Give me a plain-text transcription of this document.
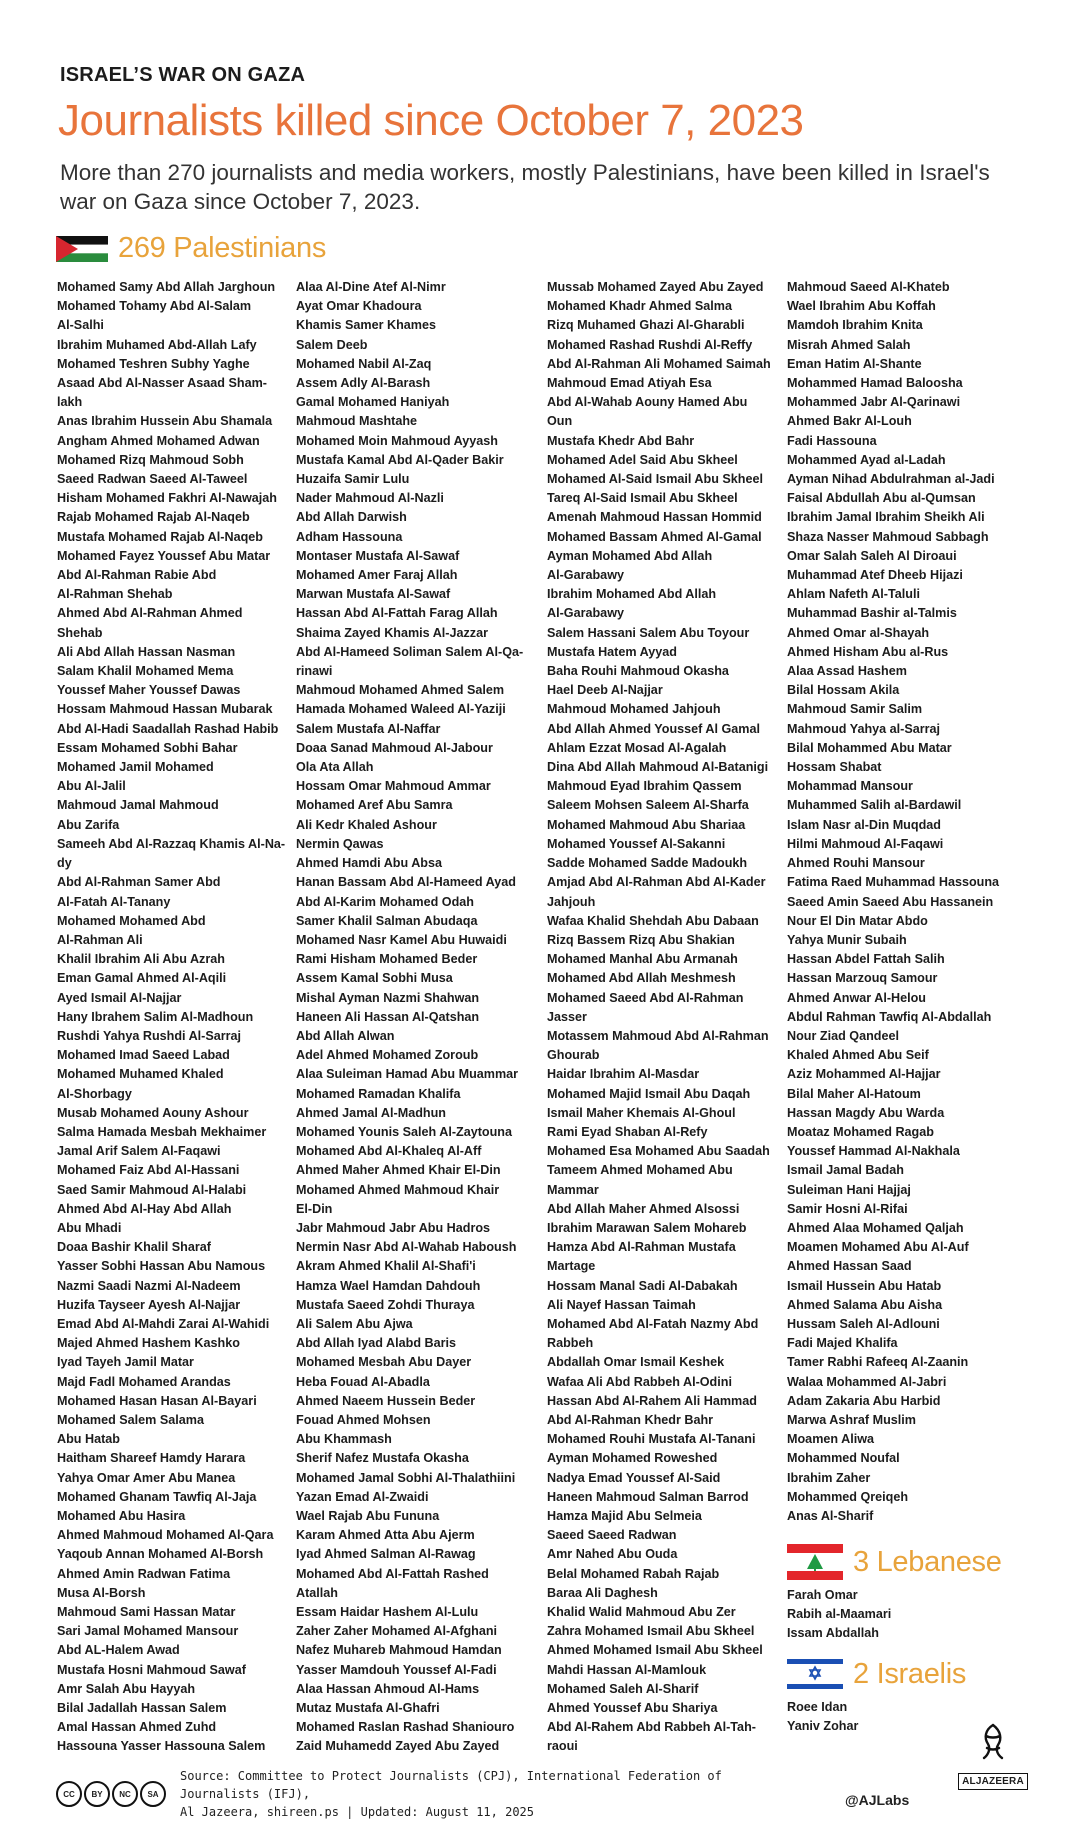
ISRAEL’S WAR ON GAZA
Journalists killed since October 7, 2023
More than 270 journalists and media workers, mostly Palestinians, have been killed in Israel's war on Gaza since October 7, 2023.
269 Palestinians
Mohamed Samy Abd Allah Jarghoun
Mohamed Tohamy Abd Al-Salam
Al-Salhi
Ibrahim Muhamed Abd-Allah Lafy
Mohamed Teshren Subhy Yaghe
Asaad Abd Al-Nasser Asaad Sham-
lakh
Anas Ibrahim Hussein Abu Shamala
Angham Ahmed Mohamed Adwan
Mohamed Rizq Mahmoud Sobh
Saeed Radwan Saeed Al-Taweel
Hisham Mohamed Fakhri Al-Nawajah
Rajab Mohamed Rajab Al-Naqeb
Mustafa Mohamed Rajab Al-Naqeb
Mohamed Fayez Youssef Abu Matar
Abd Al-Rahman Rabie Abd
Al-Rahman Shehab
Ahmed Abd Al-Rahman Ahmed
Shehab
Ali Abd Allah Hassan Nasman
Salam Khalil Mohamed Mema
Youssef Maher Youssef Dawas
Hossam Mahmoud Hassan Mubarak
Abd Al-Hadi Saadallah Rashad Habib
Essam Mohamed Sobhi Bahar
Mohamed Jamil Mohamed
Abu Al-Jalil
Mahmoud Jamal Mahmoud
Abu Zarifa
Sameeh Abd Al-Razzaq Khamis Al-Na-
dy
Abd Al-Rahman Samer Abd
Al-Fatah Al-Tanany
Mohamed Mohamed Abd
Al-Rahman Ali
Khalil Ibrahim Ali Abu Azrah
Eman Gamal Ahmed Al-Aqili
Ayed Ismail Al-Najjar
Hany Ibrahem Salim Al-Madhoun
Rushdi Yahya Rushdi Al-Sarraj
Mohamed Imad Saeed Labad
Mohamed Muhamed Khaled
Al-Shorbagy
Musab Mohamed Aouny Ashour
Salma Hamada Mesbah Mekhaimer
Jamal Arif Salem Al-Faqawi
Mohamed Faiz Abd Al-Hassani
Saed Samir Mahmoud Al-Halabi
Ahmed Abd Al-Hay Abd Allah
Abu Mhadi
Doaa Bashir Khalil Sharaf
Yasser Sobhi Hassan Abu Namous
Nazmi Saadi Nazmi Al-Nadeem
Huzifa Tayseer Ayesh Al-Najjar
Emad Abd Al-Mahdi Zarai Al-Wahidi
Majed Ahmed Hashem Kashko
Iyad Tayeh Jamil Matar
Majd Fadl Mohamed Arandas
Mohamed Hasan Hasan Al-Bayari
Mohamed Salem Salama
Abu Hatab
Haitham Shareef Hamdy Harara
Yahya Omar Amer Abu Manea
Mohamed Ghanam Tawfiq Al-Jaja
Mohamed Abu Hasira
Ahmed Mahmoud Mohamed Al-Qara
Yaqoub Annan Mohamed Al-Borsh
Ahmed Amin Radwan Fatima
Musa Al-Borsh
Mahmoud Sami Hassan Matar
Sari Jamal Mohamed Mansour
Abd AL-Halem Awad
Mustafa Hosni Mahmoud Sawaf
Amr Salah Abu Hayyah
Bilal Jadallah Hassan Salem
Amal Hassan Ahmed Zuhd
Hassouna Yasser Hassouna Salem
Alaa Al-Dine Atef Al-Nimr
Ayat Omar Khadoura
Khamis Samer Khames
Salem Deeb
Mohamed Nabil Al-Zaq
Assem Adly Al-Barash
Gamal Mohamed Haniyah
Mahmoud Mashtahe
Mohamed Moin Mahmoud Ayyash
Mustafa Kamal Abd Al-Qader Bakir
Huzaifa Samir Lulu
Nader Mahmoud Al-Nazli
Abd Allah Darwish
Adham Hassouna
Montaser Mustafa Al-Sawaf
Mohamed Amer Faraj Allah
Marwan Mustafa Al-Sawaf
Hassan Abd Al-Fattah Farag Allah
Shaima Zayed Khamis Al-Jazzar
Abd Al-Hameed Soliman Salem Al-Qa-
rinawi
Mahmoud Mohamed Ahmed Salem
Hamada Mohamed Waleed Al-Yaziji
Salem Mustafa Al-Naffar
Doaa Sanad Mahmoud Al-Jabour
Ola Ata Allah
Hossam Omar Mahmoud Ammar
Mohamed Aref Abu Samra
Ali Kedr Khaled Ashour
Nermin Qawas
Ahmed Hamdi Abu Absa
Hanan Bassam Abd Al-Hameed Ayad
Abd Al-Karim Mohamed Odah
Samer Khalil Salman Abudaqa
Mohamed Nasr Kamel Abu Huwaidi
Rami Hisham Mohamed Beder
Assem Kamal Sobhi Musa
Mishal Ayman Nazmi Shahwan
Haneen Ali Hassan Al-Qatshan
Abd Allah Alwan
Adel Ahmed Mohamed Zoroub
Alaa Suleiman Hamad Abu Muammar
Mohamed Ramadan Khalifa
Ahmed Jamal Al-Madhun
Mohamed Younis Saleh Al-Zaytouna
Mohamed Abd Al-Khaleq Al-Aff
Ahmed Maher Ahmed Khair El-Din
Mohamed Ahmed Mahmoud Khair
El-Din
Jabr Mahmoud Jabr Abu Hadros
Nermin Nasr Abd Al-Wahab Haboush
Akram Ahmed Khalil Al-Shafi'i
Hamza Wael Hamdan Dahdouh
Mustafa Saeed Zohdi Thuraya
Ali Salem Abu Ajwa
Abd Allah Iyad Alabd Baris
Mohamed Mesbah Abu Dayer
Heba Fouad Al-Abadla
Ahmed Naeem Hussein Beder
Fouad Ahmed Mohsen
Abu Khammash
Sherif Nafez Mustafa Okasha
Mohamed Jamal Sobhi Al-Thalathiini
Yazan Emad Al-Zwaidi
Wael Rajab Abu Fununa
Karam Ahmed Atta Abu Ajerm
Iyad Ahmed Salman Al-Rawag
Mohamed Abd Al-Fattah Rashed
Atallah
Essam Haidar Hashem Al-Lulu
Zaher Zaher Mohamed Al-Afghani
Nafez Muhareb Mahmoud Hamdan
Yasser Mamdouh Youssef Al-Fadi
Alaa Hassan Ahmoud Al-Hams
Mutaz Mustafa Al-Ghafri
Mohamed Raslan Rashad Shaniouro
Zaid Muhamedd Zayed Abu Zayed
Mussab Mohamed Zayed Abu Zayed
Mohamed Khadr Ahmed Salma
Rizq Muhamed Ghazi Al-Gharabli
Mohamed Rashad Rushdi Al-Reffy
Abd Al-Rahman Ali Mohamed Saimah
Mahmoud Emad Atiyah Esa
Abd Al-Wahab Aouny Hamed Abu
Oun
Mustafa Khedr Abd Bahr
Mohamed Adel Said Abu Skheel
Mohamed Al-Said Ismail Abu Skheel
Tareq Al-Said Ismail Abu Skheel
Amenah Mahmoud Hassan Hommid
Mohamed Bassam Ahmed Al-Gamal
Ayman Mohamed Abd Allah
Al-Garabawy
Ibrahim Mohamed Abd Allah
Al-Garabawy
Salem Hassani Salem Abu Toyour
Mustafa Hatem Ayyad
Baha Rouhi Mahmoud Okasha
Hael Deeb Al-Najjar
Mahmoud Mohamed Jahjouh
Abd Allah Ahmed Youssef Al Gamal
Ahlam Ezzat Mosad Al-Agalah
Dina Abd Allah Mahmoud Al-Batanigi
Mahmoud Eyad Ibrahim Qassem
Saleem Mohsen Saleem Al-Sharfa
Mohamed Mahmoud Abu Shariaa
Mohamed Youssef Al-Sakanni
Sadde Mohamed Sadde Madoukh
Amjad Abd Al-Rahman Abd Al-Kader
Jahjouh
Wafaa Khalid Shehdah Abu Dabaan
Rizq Bassem Rizq Abu Shakian
Mohamed Manhal Abu Armanah
Mohamed Abd Allah Meshmesh
Mohamed Saeed Abd Al-Rahman
Jasser
Motassem Mahmoud Abd Al-Rahman
Ghourab
Haidar Ibrahim Al-Masdar
Mohamed Majid Ismail Abu Daqah
Ismail Maher Khemais Al-Ghoul
Rami Eyad Shaban Al-Refy
Mohamed Esa Mohamed Abu Saadah
Tameem Ahmed Mohamed Abu
Mammar
Abd Allah Maher Ahmed Alsossi
Ibrahim Marawan Salem Mohareb
Hamza Abd Al-Rahman Mustafa
Martage
Hossam Manal Sadi Al-Dabakah
Ali Nayef Hassan Taimah
Mohamed Abd Al-Fatah Nazmy Abd
Rabbeh
Abdallah Omar Ismail Keshek
Wafaa Ali Abd Rabbeh Al-Odini
Hassan Abd Al-Rahem Ali Hammad
Abd Al-Rahman Khedr Bahr
Mohamed Rouhi Mustafa Al-Tanani
Ayman Mohamed Roweshed
Nadya Emad Youssef Al-Said
Haneen Mahmoud Salman Barrod
Hamza Majid Abu Selmeia
Saeed Saeed Radwan
Amr Nahed Abu Ouda
Belal Mohamed Rabah Rajab
Baraa Ali Daghesh
Khalid Walid Mahmoud Abu Zer
Zahra Mohamed Ismail Abu Skheel
Ahmed Mohamed Ismail Abu Skheel
Mahdi Hassan Al-Mamlouk
Mohamed Saleh Al-Sharif
Ahmed Youssef Abu Shariya
Abd Al-Rahem Abd Rabbeh Al-Tah-
raoui
Mahmoud Saeed Al-Khateb
Wael Ibrahim Abu Koffah
Mamdoh Ibrahim Knita
Misrah Ahmed Salah
Eman Hatim Al-Shante
Mohammed Hamad Baloosha
Mohammed Jabr Al-Qarinawi
Ahmed Bakr Al-Louh
Fadi Hassouna
Mohammed Ayad al-Ladah
Ayman Nihad Abdulrahman al-Jadi
Faisal Abdullah Abu al-Qumsan
Ibrahim Jamal Ibrahim Sheikh Ali
Shaza Nasser Mahmoud Sabbagh
Omar Salah Saleh Al Diroaui
Muhammad Atef Dheeb Hijazi
Ahlam Nafeth Al-Taluli
Muhammad Bashir al-Talmis
Ahmed Omar al-Shayah
Ahmed Hisham Abu al-Rus
Alaa Assad Hashem
Bilal Hossam Akila
Mahmoud Samir Salim
Mahmoud Yahya al-Sarraj
Bilal Mohammed Abu Matar
Hossam Shabat
Mohammad Mansour
Muhammed Salih al-Bardawil
Islam Nasr al-Din Muqdad
Hilmi Mahmoud Al-Faqawi
Ahmed Rouhi Mansour
Fatima Raed Muhammad Hassouna
Saeed Amin Saeed Abu Hassanein
Nour El Din Matar Abdo
Yahya Munir Subaih
Hassan Abdel Fattah Salih
Hassan Marzouq Samour
Ahmed Anwar Al-Helou
Abdul Rahman Tawfiq Al-Abdallah
Nour Ziad Qandeel
Khaled Ahmed Abu Seif
Aziz Mohammed Al-Hajjar
Bilal Maher Al-Hatoum
Hassan Magdy Abu Warda
Moataz Mohamed Ragab
Youssef Hammad Al-Nakhala
Ismail Jamal Badah
Suleiman Hani Hajjaj
Samir Hosni Al-Rifai
Ahmed Alaa Mohamed Qaljah
Moamen Mohamed Abu Al-Auf
Ahmed Hassan Saad
Ismail Hussein Abu Hatab
Ahmed Salama Abu Aisha
Hussam Saleh Al-Adlouni
Fadi Majed Khalifa
Tamer Rabhi Rafeeq Al-Zaanin
Walaa Mohammed Al-Jabri
Adam Zakaria Abu Harbid
Marwa Ashraf Muslim
Moamen Aliwa
Mohammed Noufal
Ibrahim Zaher
Mohammed Qreiqeh
Anas Al-Sharif
3 Lebanese
Farah Omar
Rabih al-Maamari
Issam Abdallah
2 Israelis
Roee Idan
Yaniv Zohar
CC	BY	NC	SA
Source: Committee to Protect Journalists (CPJ), International Federation of Journalists (IFJ),
Al Jazeera, shireen.ps | Updated: August 11, 2025
@AJLabs
ALJAZEERA
